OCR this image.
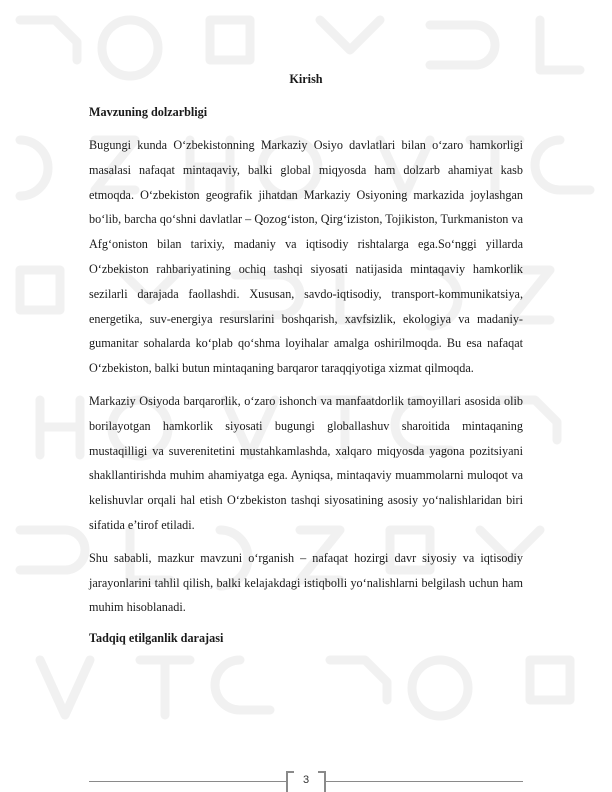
Kirish
Mavzuning dolzarbligi

Bugungi kunda O‘zbekistonning Markaziy Osiyo davlatlari bilan o‘zaro hamkorligi masalasi nafaqat mintaqaviy, balki global miqyosda ham dolzarb ahamiyat kasb etmoqda. O‘zbekiston geografik jihatdan Markaziy Osiyoning markazida joylashgan bo‘lib, barcha qo‘shni davlatlar – Qozog‘iston, Qirg‘iziston, Tojikiston, Turkmaniston va Afg‘oniston bilan tarixiy, madaniy va iqtisodiy rishtalarga ega.So‘nggi yillarda O‘zbekiston rahbariyatining ochiq tashqi siyosati natijasida mintaqaviy hamkorlik sezilarli darajada faollashdi. Xususan, savdo-iqtisodiy, transport-kommunikatsiya, energetika, suv-energiya resurslarini boshqarish, xavfsizlik, ekologiya va madaniy-gumanitar sohalarda ko‘plab qo‘shma loyihalar amalga oshirilmoqda. Bu esa nafaqat O‘zbekiston, balki butun mintaqaning barqaror taraqqiyotiga xizmat qilmoqda.

Markaziy Osiyoda barqarorlik, o‘zaro ishonch va manfaatdorlik tamoyillari asosida olib borilayotgan hamkorlik siyosati bugungi globallashuv sharoitida mintaqaning mustaqilligi va suverenitetini mustahkamlashda, xalqaro miqyosda yagona pozitsiyani shakllantirishda muhim ahamiyatga ega. Ayniqsa, mintaqaviy muammolarni muloqot va kelishuvlar orqali hal etish O‘zbekiston tashqi siyosatining asosiy yo‘nalishlaridan biri sifatida e’tirof etiladi.

Shu sababli, mazkur mavzuni o‘rganish – nafaqat hozirgi davr siyosiy va iqtisodiy jarayonlarini tahlil qilish, balki kelajakdagi istiqbolli yo‘nalishlarni belgilash uchun ham muhim hisoblanadi.

Tadqiq etilganlik darajasi
3
